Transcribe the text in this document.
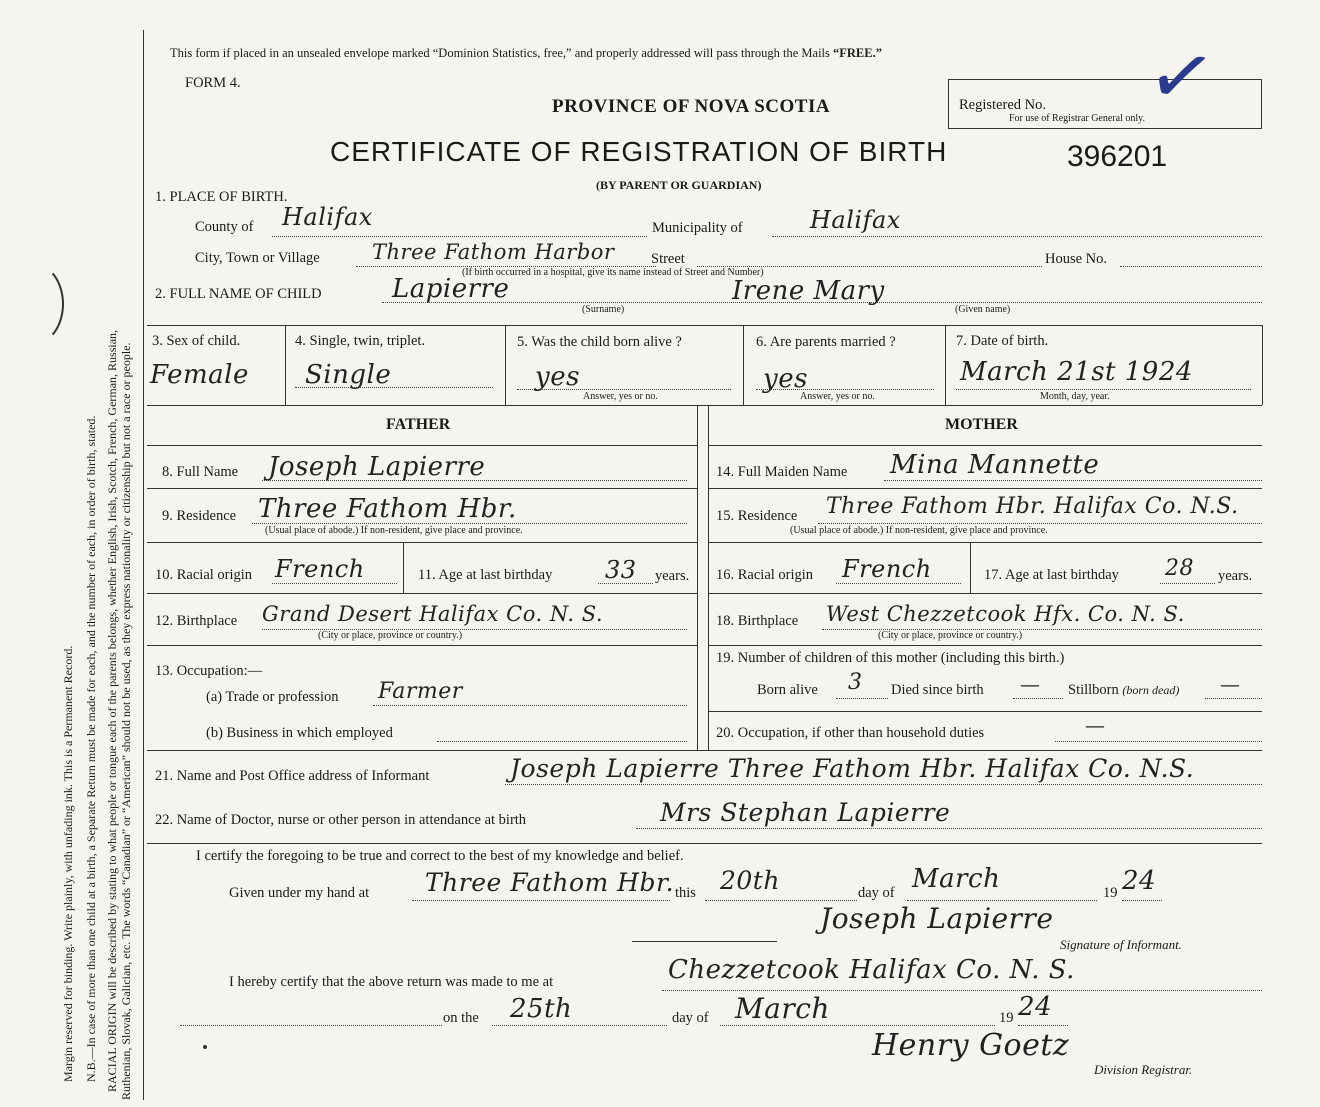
Margin reserved for binding. Write plainly, with unfading ink. This is a Permanent Record. N.B.—In case of more than one child at a birth, a Separate Return must be made for each, and the number of each, in order of birth, stated. RACIAL ORIGIN will be described by stating to what people or tongue each of the parents belongs, whether English, Irish, Scotch, French, German, Russian, Ruthenian, Slovak, Galician, etc. The words “Canadian” or “American” should not be used, as they express nationality or citizenship but not a race or people.
This form if placed in an unsealed envelope marked “Dominion Statistics, free,” and properly addressed will pass through the Mails “FREE.”
FORM 4.
PROVINCE OF NOVA SCOTIA
CERTIFICATE OF REGISTRATION OF BIRTH
(BY PARENT OR GUARDIAN)
Registered No.
For use of Registrar General only.
✓
396201
1. PLACE OF BIRTH.
County of Halifax	Municipality of	Halifax
City, Town or Village Three Fathom Harbor	Street	House No.
(If birth occurred in a hospital, give its name instead of Street and Number)
2. FULL NAME OF CHILD	Lapierre	Irene Mary
(Surname)	(Given name)
3. Sex of child.
Female
4. Single, twin, triplet.
Single
5. Was the child born alive ?
yes
Answer, yes or no.
6. Are parents married ?
yes
Answer, yes or no.
7. Date of birth.
March 21st 1924
Month, day, year.
FATHER	MOTHER
8. Full Name Joseph Lapierre
9. Residence Three Fathom Hbr.
(Usual place of abode.) If non-resident, give place and province.
10. Racial origin French	11. Age at last birthday 33 years.
12. Birthplace Grand Desert Halifax Co. N. S.
(City or place, province or country.)
13. Occupation:—
(a) Trade or profession Farmer
(b) Business in which employed
14. Full Maiden Name Mina Mannette
15. Residence Three Fathom Hbr. Halifax Co. N.S.
(Usual place of abode.) If non-resident, give place and province.
16. Racial origin French	17. Age at last birthday 28 years.
18. Birthplace West Chezzetcook Hfx. Co. N. S.
(City or place, province or country.)
19. Number of children of this mother (including this birth.)
Born alive 3 Died since birth — Stillborn (born dead) —
20. Occupation, if other than household duties	—
21. Name and Post Office address of Informant	Joseph Lapierre Three Fathom Hbr. Halifax Co. N.S.
22. Name of Doctor, nurse or other person in attendance at birth	Mrs Stephan Lapierre
I certify the foregoing to be true and correct to the best of my knowledge and belief.
Given under my hand at Three Fathom Hbr. this 20th	day of March	19 24
Joseph Lapierre
Signature of Informant.
I hereby certify that the above return was made to me at	Chezzetcook Halifax Co. N. S.
on the 25th	day of March	19 24
Henry Goetz
Division Registrar.
